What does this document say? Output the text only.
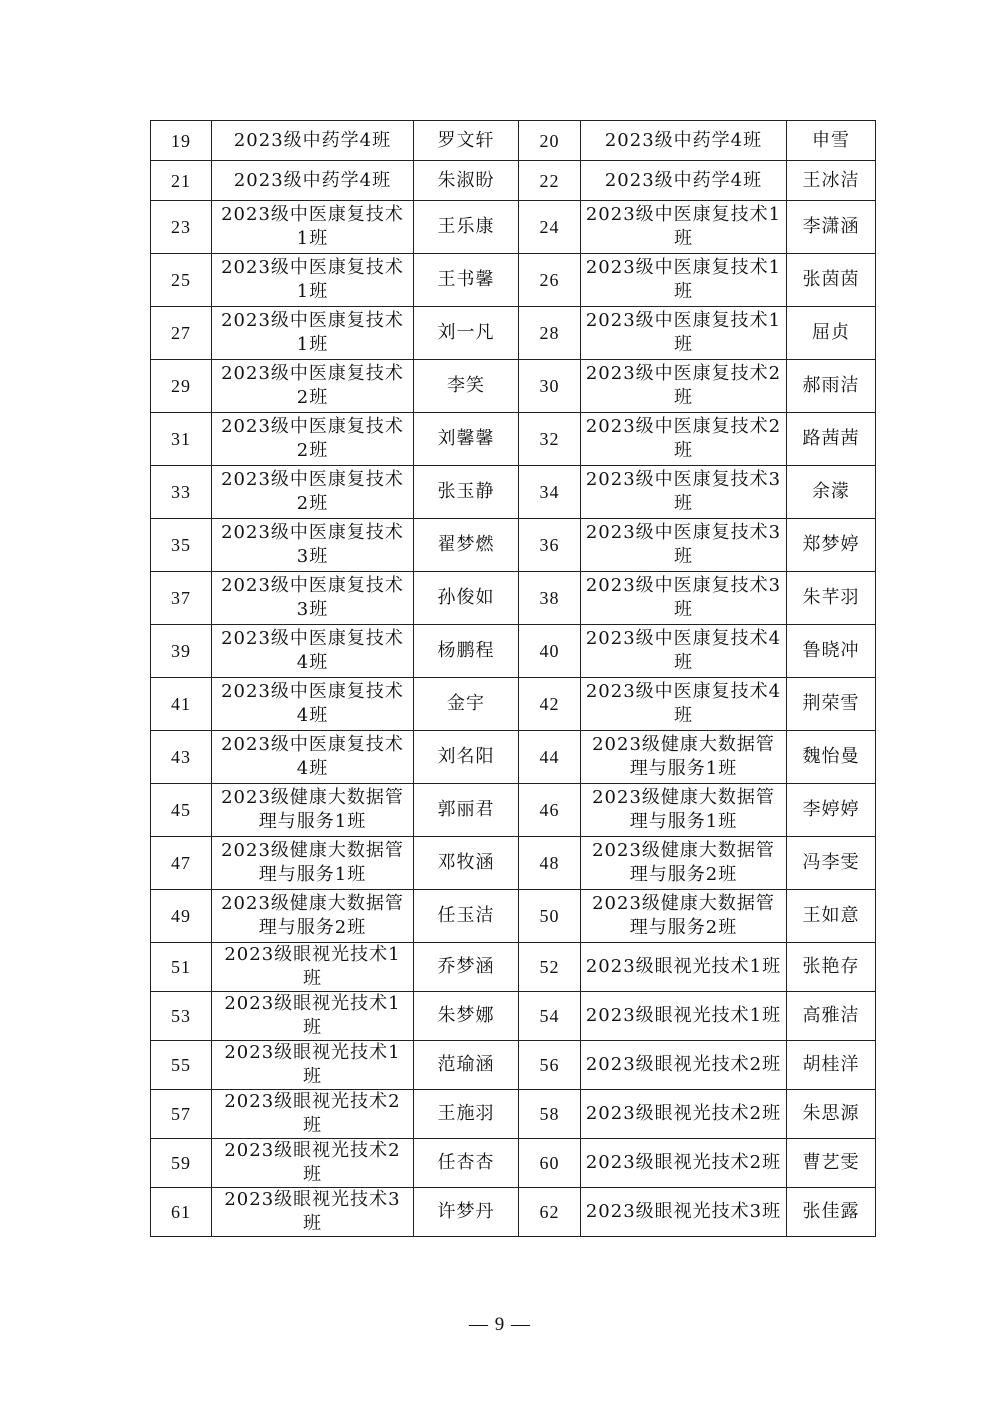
19	2023级中药学4班	罗文轩	20	2023级中药学4班	申雪
21	2023级中药学4班	朱淑盼	22	2023级中药学4班	王冰洁
23	2023级中医康复技术1班	王乐康	24	2023级中医康复技术1班	李潇涵
25	2023级中医康复技术1班	王书馨	26	2023级中医康复技术1班	张茵茵
27	2023级中医康复技术1班	刘一凡	28	2023级中医康复技术1班	屈贞
29	2023级中医康复技术2班	李笑	30	2023级中医康复技术2班	郝雨洁
31	2023级中医康复技术2班	刘馨馨	32	2023级中医康复技术2班	路茜茜
33	2023级中医康复技术2班	张玉静	34	2023级中医康复技术3班	余濛
35	2023级中医康复技术3班	翟梦燃	36	2023级中医康复技术3班	郑梦婷
37	2023级中医康复技术3班	孙俊如	38	2023级中医康复技术3班	朱芊羽
39	2023级中医康复技术4班	杨鹏程	40	2023级中医康复技术4班	鲁晓冲
41	2023级中医康复技术4班	金宇	42	2023级中医康复技术4班	荆荣雪
43	2023级中医康复技术4班	刘名阳	44	2023级健康大数据管理与服务1班	魏怡曼
45	2023级健康大数据管理与服务1班	郭丽君	46	2023级健康大数据管理与服务1班	李婷婷
47	2023级健康大数据管理与服务1班	邓牧涵	48	2023级健康大数据管理与服务2班	冯李雯
49	2023级健康大数据管理与服务2班	任玉洁	50	2023级健康大数据管理与服务2班	王如意
51	2023级眼视光技术1班	乔梦涵	52	2023级眼视光技术1班	张艳存
53	2023级眼视光技术1班	朱梦娜	54	2023级眼视光技术1班	高雅洁
55	2023级眼视光技术1班	范瑜涵	56	2023级眼视光技术2班	胡桂洋
57	2023级眼视光技术2班	王施羽	58	2023级眼视光技术2班	朱思源
59	2023级眼视光技术2班	任杏杏	60	2023级眼视光技术2班	曹艺雯
61	2023级眼视光技术3班	许梦丹	62	2023级眼视光技术3班	张佳露
— 9 —
